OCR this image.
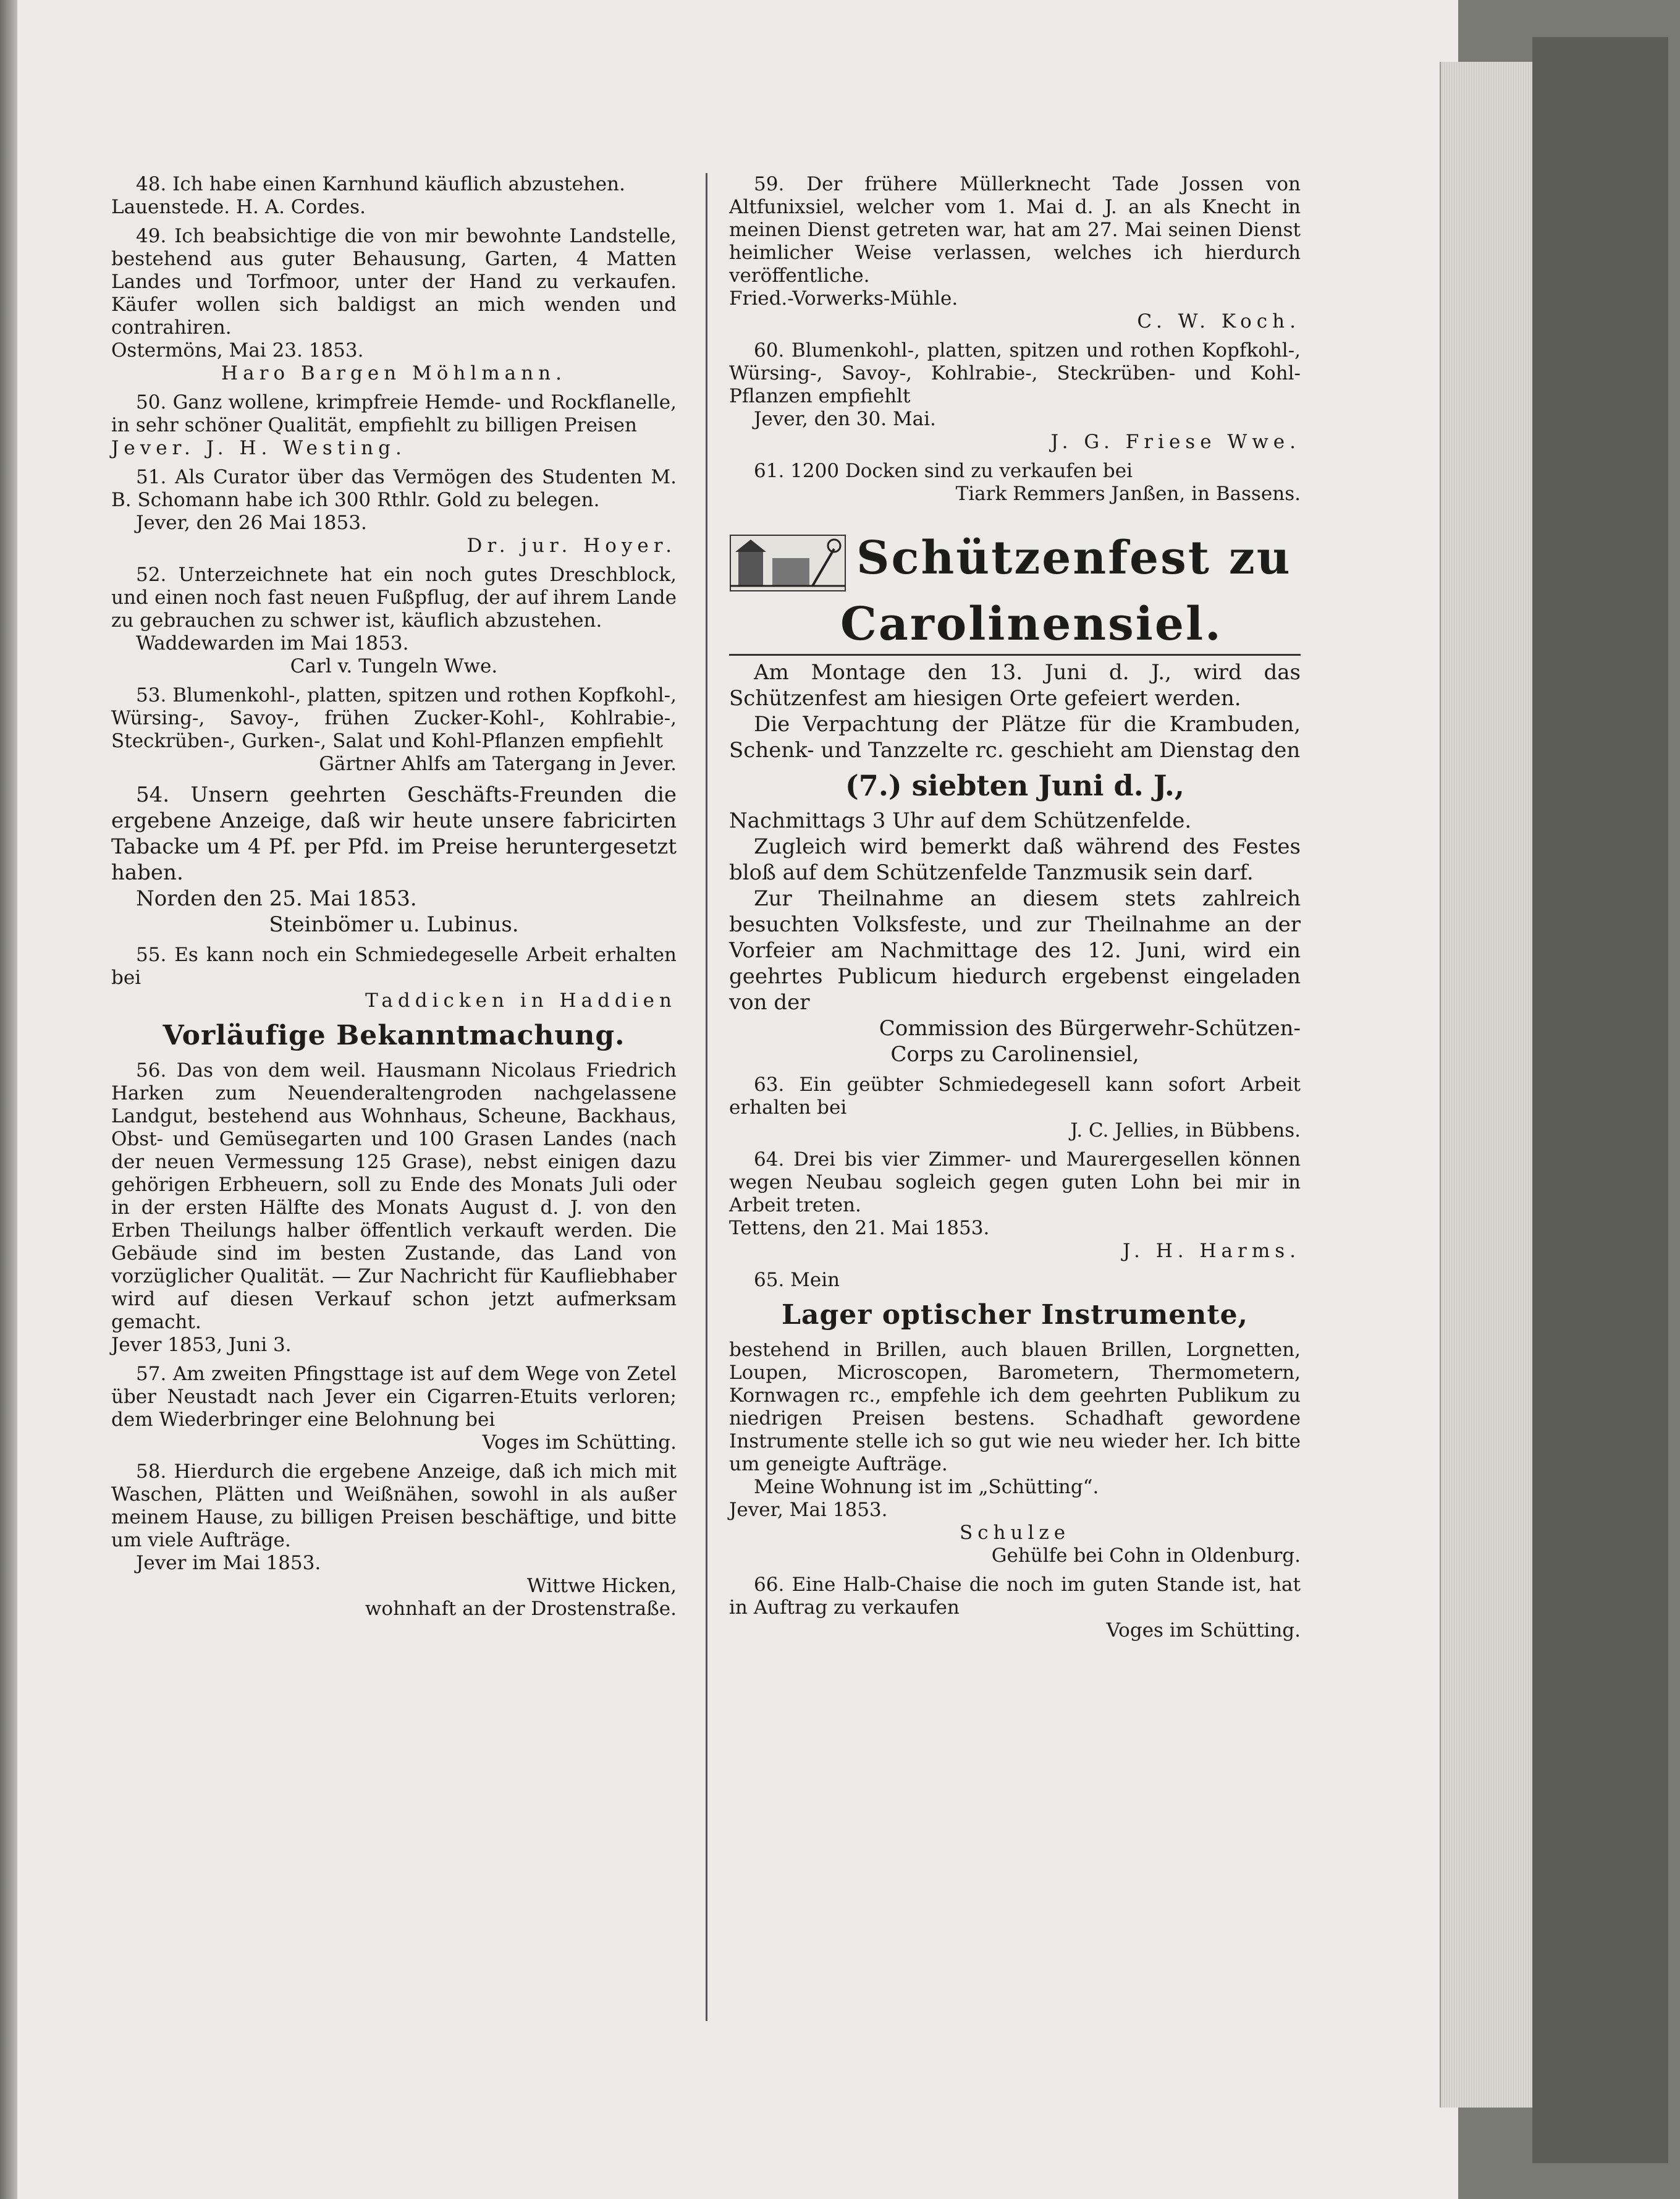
48. Ich habe einen Karnhund käuflich abzustehen.

Lauenstede. H. A. Cordes.

49. Ich beabsichtige die von mir bewohnte Landstelle, bestehend aus guter Behausung, Garten, 4 Matten Landes und Torfmoor, unter der Hand zu verkaufen. Käufer wollen sich baldigst an mich wenden und contrahiren.

Ostermöns, Mai 23. 1853.

Haro Bargen Möhlmann.

50. Ganz wollene, krimpfreie Hemde- und Rockflanelle, in sehr schöner Qualität, empfiehlt zu billigen Preisen

Jever. J. H. Westing.

51. Als Curator über das Vermögen des Studenten M. B. Schomann habe ich 300 Rthlr. Gold zu belegen.

Jever, den 26 Mai 1853.

Dr. jur. Hoyer.

52. Unterzeichnete hat ein noch gutes Dreschblock, und einen noch fast neuen Fußpflug, der auf ihrem Lande zu gebrauchen zu schwer ist, käuflich abzustehen.

Waddewarden im Mai 1853.

Carl v. Tungeln Wwe.

53. Blumenkohl-, platten, spitzen und rothen Kopfkohl-, Würsing-, Savoy-, frühen Zucker-Kohl-, Kohlrabie-, Steckrüben-, Gurken-, Salat und Kohl-Pflanzen empfiehlt

Gärtner Ahlfs am Tatergang in Jever.

54. Unsern geehrten Geschäfts-Freunden die ergebene Anzeige, daß wir heute unsere fabricirten Tabacke um 4 Pf. per Pfd. im Preise heruntergesetzt haben.

Norden den 25. Mai 1853.

Steinbömer u. Lubinus.

55. Es kann noch ein Schmiedegeselle Arbeit erhalten bei

Taddicken in Haddien

Vorläufige Bekanntmachung.

56. Das von dem weil. Hausmann Nicolaus Friedrich Harken zum Neuenderaltengroden nachgelassene Landgut, bestehend aus Wohnhaus, Scheune, Backhaus, Obst- und Gemüsegarten und 100 Grasen Landes (nach der neuen Vermessung 125 Grase), nebst einigen dazu gehörigen Erbheuern, soll zu Ende des Monats Juli oder in der ersten Hälfte des Monats August d. J. von den Erben Theilungs halber öffentlich verkauft werden. Die Gebäude sind im besten Zustande, das Land von vorzüglicher Qualität. — Zur Nachricht für Kaufliebhaber wird auf diesen Verkauf schon jetzt aufmerksam gemacht.

Jever 1853, Juni 3.

57. Am zweiten Pfingsttage ist auf dem Wege von Zetel über Neustadt nach Jever ein Cigarren-Etuits verloren; dem Wiederbringer eine Belohnung bei

Voges im Schütting.

58. Hierdurch die ergebene Anzeige, daß ich mich mit Waschen, Plätten und Weißnähen, sowohl in als außer meinem Hause, zu billigen Preisen beschäftige, und bitte um viele Aufträge.

Jever im Mai 1853.

Wittwe Hicken,

wohnhaft an der Drostenstraße.

59. Der frühere Müllerknecht Tade Jossen von Altfunixsiel, welcher vom 1. Mai d. J. an als Knecht in meinen Dienst getreten war, hat am 27. Mai seinen Dienst heimlicher Weise verlassen, welches ich hierdurch veröffentliche.

Fried.-Vorwerks-Mühle.

C. W. Koch.

60. Blumenkohl-, platten, spitzen und rothen Kopfkohl-, Würsing-, Savoy-, Kohlrabie-, Steckrüben- und Kohl-Pflanzen empfiehlt

Jever, den 30. Mai.

J. G. Friese Wwe.

61. 1200 Docken sind zu verkaufen bei

Tiark Remmers Janßen, in Bassens.

Schützenfest zu
Carolinensiel.

Am Montage den 13. Juni d. J., wird das Schützenfest am hiesigen Orte gefeiert werden.

Die Verpachtung der Plätze für die Krambuden, Schenk- und Tanzzelte rc. geschieht am Dienstag den

(7.) siebten Juni d. J.,

Nachmittags 3 Uhr auf dem Schützenfelde.

Zugleich wird bemerkt daß während des Festes bloß auf dem Schützenfelde Tanzmusik sein darf.

Zur Theilnahme an diesem stets zahlreich besuchten Volksfeste, und zur Theilnahme an der Vorfeier am Nachmittage des 12. Juni, wird ein geehrtes Publicum hiedurch ergebenst eingeladen von der

Commission des Bürgerwehr-Schützen-

Corps zu Carolinensiel,

63. Ein geübter Schmiedegesell kann sofort Arbeit erhalten bei

J. C. Jellies, in Bübbens.

64. Drei bis vier Zimmer- und Maurergesellen können wegen Neubau sogleich gegen guten Lohn bei mir in Arbeit treten.

Tettens, den 21. Mai 1853.

J. H. Harms.

65. Mein

Lager optischer Instrumente,

bestehend in Brillen, auch blauen Brillen, Lorgnetten, Loupen, Microscopen, Barometern, Thermometern, Kornwagen rc., empfehle ich dem geehrten Publikum zu niedrigen Preisen bestens. Schadhaft gewordene Instrumente stelle ich so gut wie neu wieder her. Ich bitte um geneigte Aufträge.

Meine Wohnung ist im „Schütting“.

Jever, Mai 1853.

Schulze

Gehülfe bei Cohn in Oldenburg.

66. Eine Halb-Chaise die noch im guten Stande ist, hat in Auftrag zu verkaufen

Voges im Schütting.
